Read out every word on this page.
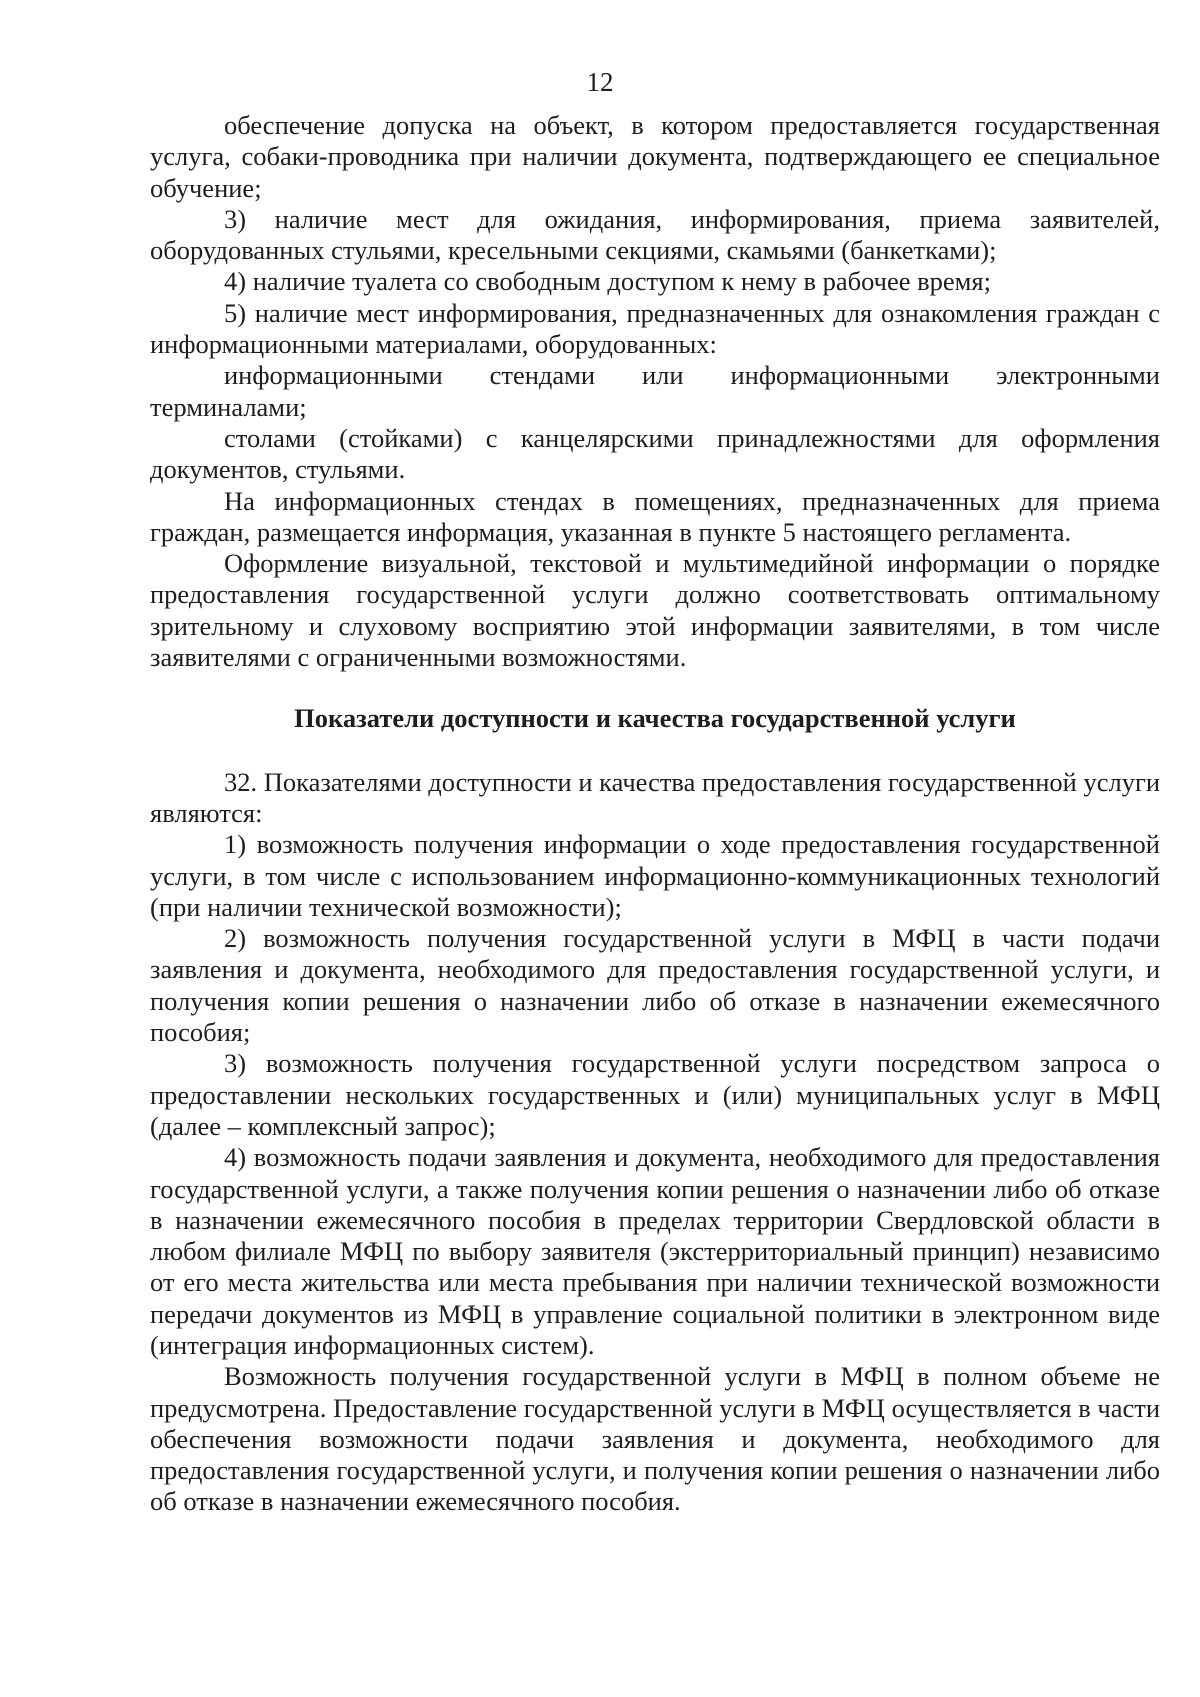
12

обеспечение допуска на объект, в котором предоставляется государственная услуга, собаки-проводника при наличии документа, подтверждающего ее специальное обучение;

3) наличие мест для ожидания, информирования, приема заявителей, оборудованных стульями, кресельными секциями, скамьями (банкетками);

4) наличие туалета со свободным доступом к нему в рабочее время;

5) наличие мест информирования, предназначенных для ознакомления граждан с информационными материалами, оборудованных:

информационными стендами или информационными электронными терминалами;

столами (стойками) с канцелярскими принадлежностями для оформления документов, стульями.

На информационных стендах в помещениях, предназначенных для приема граждан, размещается информация, указанная в пункте 5 настоящего регламента.

Оформление визуальной, текстовой и мультимедийной информации о порядке предоставления государственной услуги должно соответствовать оптимальному зрительному и слуховому восприятию этой информации заявителями, в том числе заявителями с ограниченными возможностями.

Показатели доступности и качества государственной услуги

32. Показателями доступности и качества предоставления государственной услуги являются:

1) возможность получения информации о ходе предоставления государственной услуги, в том числе с использованием информационно-коммуникационных технологий (при наличии технической возможности);

2) возможность получения государственной услуги в МФЦ в части подачи заявления и документа, необходимого для предоставления государственной услуги, и получения копии решения о назначении либо об отказе в назначении ежемесячного пособия;

3) возможность получения государственной услуги посредством запроса о предоставлении нескольких государственных и (или) муниципальных услуг в МФЦ (далее – комплексный запрос);

4) возможность подачи заявления и документа, необходимого для предоставления государственной услуги, а также получения копии решения о назначении либо об отказе в назначении ежемесячного пособия в пределах территории Свердловской области в любом филиале МФЦ по выбору заявителя (экстерриториальный принцип) независимо от его места жительства или места пребывания при наличии технической возможности передачи документов из МФЦ в управление социальной политики в электронном виде (интеграция информационных систем).

Возможность получения государственной услуги в МФЦ в полном объеме не предусмотрена. Предоставление государственной услуги в МФЦ осуществляется в части обеспечения возможности подачи заявления и документа, необходимого для предоставления государственной услуги, и получения копии решения о назначении либо об отказе в назначении ежемесячного пособия.
